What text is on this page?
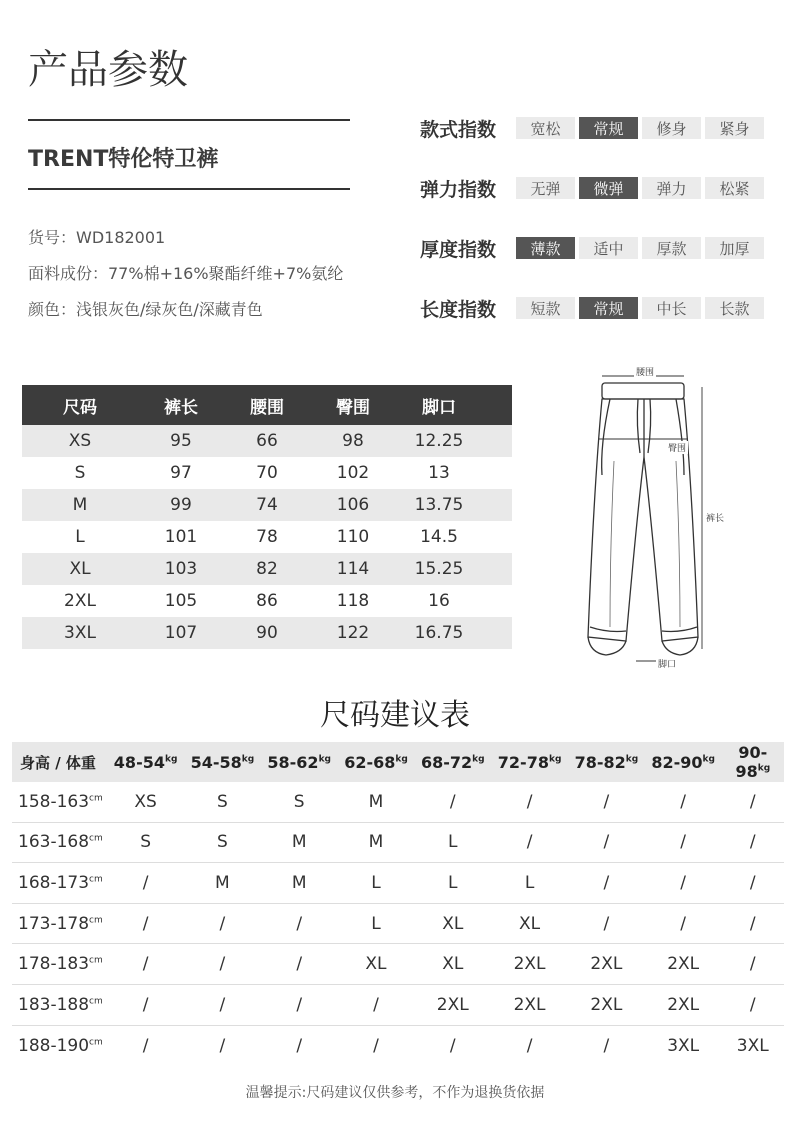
产品参数
TRENT特伦特卫裤
货号：WD182001
面料成份：77%棉+16%聚酯纤维+7%氨纶
颜色：浅银灰色/绿灰色/深藏青色
款式指数	宽松	常规	修身	紧身
弹力指数	无弹	微弹	弹力	松紧
厚度指数	薄款	适中	厚款	加厚
长度指数	短款	常规	中长	长款
尺码	裤长	腰围	臀围	脚口
XS	95	66	98	12.25
S	97	70	102	13
M	99	74	106	13.75
L	101	78	110	14.5
XL	103	82	114	15.25
2XL	105	86	118	16
3XL	107	90	122	16.75
腰围
臀围
裤长
脚口
尺码建议表
身高 / 体重	$48-54^{kg}$ $54-58^{kg}$ $58-62^{kg}$ $62-68^{kg}$ $68-72^{kg}$ $72-78^{kg}$ $78-82^{kg}$ $82-90^{kg}$	$90-98^{kg}$
$158-163^{cm}$	XS	S	S	M	/	/	/	/	/
$163-168^{cm}$	S	S	M	M	L	/	/	/	/
$168-173^{cm}$	/	M	M	L	L	L	/	/	/
$173-178^{cm}$	/	/	/	L	XL	XL	/	/	/
$178-183^{cm}$	/	/	/	XL	XL	2XL	2XL	2XL	/
$183-188^{cm}$	/	/	/	/	2XL	2XL	2XL	2XL	/
$188-190^{cm}$	/	/	/	/	/	/	/	3XL	3XL
温馨提示:尺码建议仅供参考，不作为退换货依据
